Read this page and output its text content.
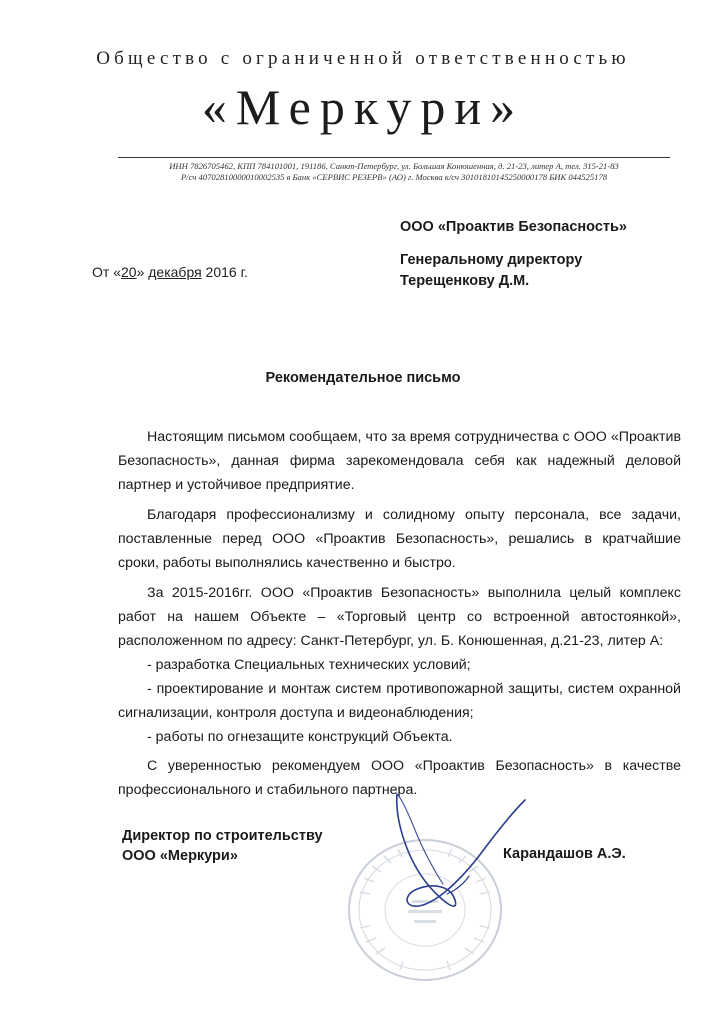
Общество с ограниченной ответственностью
«Меркури»
ИНН 7826705462, КПП 784101001, 191186, Санкт-Петербург, ул. Большая Конюшенная, д. 21-23, литер А, тел. 315-21-83
Р/сч 40702810000010002535 в Банк «СЕРВИС РЕЗЕРВ» (АО) г. Москва к/сч 30101810145250000178 БИК 044525178
От «20» декабря 2016 г.
ООО «Проактив Безопасность»
Генеральному директору
Терещенкову Д.М.
Рекомендательное письмо

Настоящим письмом сообщаем, что за время сотрудничества с ООО «Проактив Безопасность», данная фирма зарекомендовала себя как надежный деловой партнер и устойчивое предприятие.

Благодаря профессионализму и солидному опыту персонала, все задачи, поставленные перед ООО «Проактив Безопасность», решались в кратчайшие сроки, работы выполнялись качественно и быстро.

За 2015-2016гг. ООО «Проактив Безопасность» выполнила целый комплекс работ на нашем Объекте – «Торговый центр со встроенной автостоянкой», расположенном по адресу: Санкт-Петербург, ул. Б. Конюшенная, д.21-23, литер А:

- разработка Специальных технических условий;

- проектирование и монтаж систем противопожарной защиты, систем охранной сигнализации, контроля доступа и видеонаблюдения;

- работы по огнезащите конструкций Объекта.

С уверенностью рекомендуем ООО «Проактив Безопасность» в качестве профессионального и стабильного партнера.

Директор по строительству
ООО «Меркури»	Карандашов А.Э.
